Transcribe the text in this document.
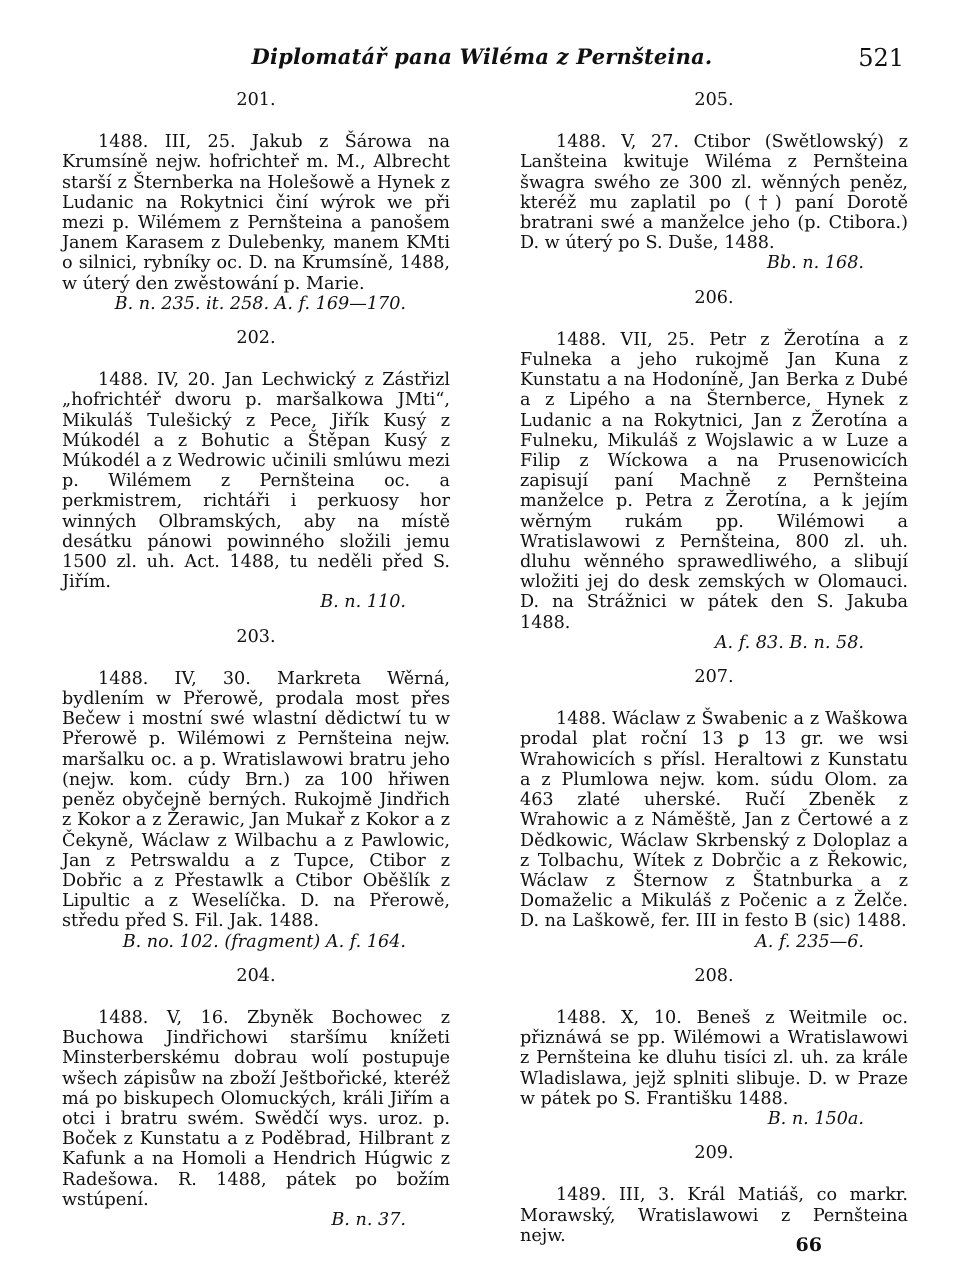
Diplomatář pana Wiléma z Pernšteina.	521
201.
1488. III, 25. Jakub z Šárowa na Krumsíně nejw. hofrichteř m. M., Albrecht starší z Šternberka na Holešowě a Hynek z Ludanic na Rokytnici činí wýrok we při mezi p. Wilémem z Pernšteina a panošem Janem Karasem z Dulebenky, manem KMti o silnici, rybníky oc. D. na Krumsíně, 1488, w úterý den zwěstowání p. Marie.
B. n. 235. it. 258. A. f. 169—170.
202.
1488. IV, 20. Jan Lechwický z Zástřizl „hofrichtéř dworu p. maršalkowa JMti“, Mikuláš Tulešický z Pece, Jiřík Kusý z Múkodél a z Bohutic a Štěpan Kusý z Múkodél a z Wedrowic učinili smlúwu mezi p. Wilémem z Pernšteina oc. a perkmistrem, richtáři i perkuosy hor winných Olbramských, aby na místě desátku pánowi powinného složili jemu 1500 zl. uh. Act. 1488, tu neděli před S. Jiřím.
B. n. 110.
203.
1488. IV, 30. Markreta Wěrná, bydlením w Přerowě, prodala most přes Bečew i mostní swé wlastní dědictwí tu w Přerowě p. Wilémowi z Pernšteina nejw. maršalku oc. a p. Wratislawowi bratru jeho (nejw. kom. cúdy Brn.) za 100 hřiwen peněz obyčejně berných. Rukojmě Jindřich z Kokor a z Žerawic, Jan Mukař z Kokor a z Čekyně, Wáclaw z Wilbachu a z Pawlowic, Jan z Petrswaldu a z Tupce, Ctibor z Dobřic a z Přestawlk a Ctibor Oběšlík z Lipultic a z Weselíčka. D. na Přerowě, středu před S. Fil. Jak. 1488.
B. no. 102. (fragment) A. f. 164.
204.
1488. V, 16. Zbyněk Bochowec z Buchowa Jindřichowi staršímu knížeti Minsterberskému dobrau wolí postupuje wšech zápisůw na zboží Ještbořické, kteréž má po biskupech Olomuckých, králi Jiřím a otci i bratru swém. Swědčí wys. uroz. p. Boček z Kunstatu a z Poděbrad, Hilbrant z Kafunk a na Homoli a Hendrich Húgwic z Radešowa. R. 1488, pátek po božím wstúpení.
B. n. 37.
205.
1488. V, 27. Ctibor (Swětlowský) z Lanšteina kwituje Wiléma z Pernšteina šwagra swého ze 300 zl. wěnných peněz, kteréž mu zaplatil po (†) paní Dorotě bratrani swé a manželce jeho (p. Ctibora.) D. w úterý po S. Duše, 1488.
Bb. n. 168.
206.
1488. VII, 25. Petr z Žerotína a z Fulneka a jeho rukojmě Jan Kuna z Kunstatu a na Hodoníně, Jan Berka z Dubé a z Lipého a na Šternberce, Hynek z Ludanic a na Rokytnici, Jan z Žerotína a Fulneku, Mikuláš z Wojslawic a w Luze a Filip z Wíckowa a na Prusenowicích zapisují paní Machně z Pernšteina manželce p. Petra z Žerotína, a k jejím wěrným rukám pp. Wilémowi a Wratislawowi z Pernšteina, 800 zl. uh. dluhu wěnného sprawedliwého, a slibují wložiti jej do desk zemských w Olomauci. D. na Strážnici w pátek den S. Jakuba 1488.
A. f. 83. B. n. 58.
207.
1488. Wáclaw z Šwabenic a z Waškowa prodal plat roční 13 ꝑ 13 gr. we wsi Wrahowicích s přísl. Heraltowi z Kunstatu a z Plumlowa nejw. kom. súdu Olom. za 463 zlaté uherské. Ručí Zbeněk z Wrahowic a z Náměště, Jan z Čertowé a z Dědkowic, Wáclaw Skrbenský z Doloplaz a z Tolbachu, Wítek z Dobrčic a z Řekowic, Wáclaw z Šternow z Štatnburka a z Domaželic a Mikuláš z Počenic a z Želče. D. na Laškowě, fer. III in festo B (sic) 1488.
A. f. 235—6.
208.
1488. X, 10. Beneš z Weitmile oc. přiznáwá se pp. Wilémowi a Wratislawowi z Pernšteina ke dluhu tisíci zl. uh. za krále Wladislawa, jejž splniti slibuje. D. w Praze w pátek po S. Františku 1488.
B. n. 150a.
209.
1489. III, 3. Král Matiáš, co markr. Morawský, Wratislawowi z Pernšteina nejw.	66
